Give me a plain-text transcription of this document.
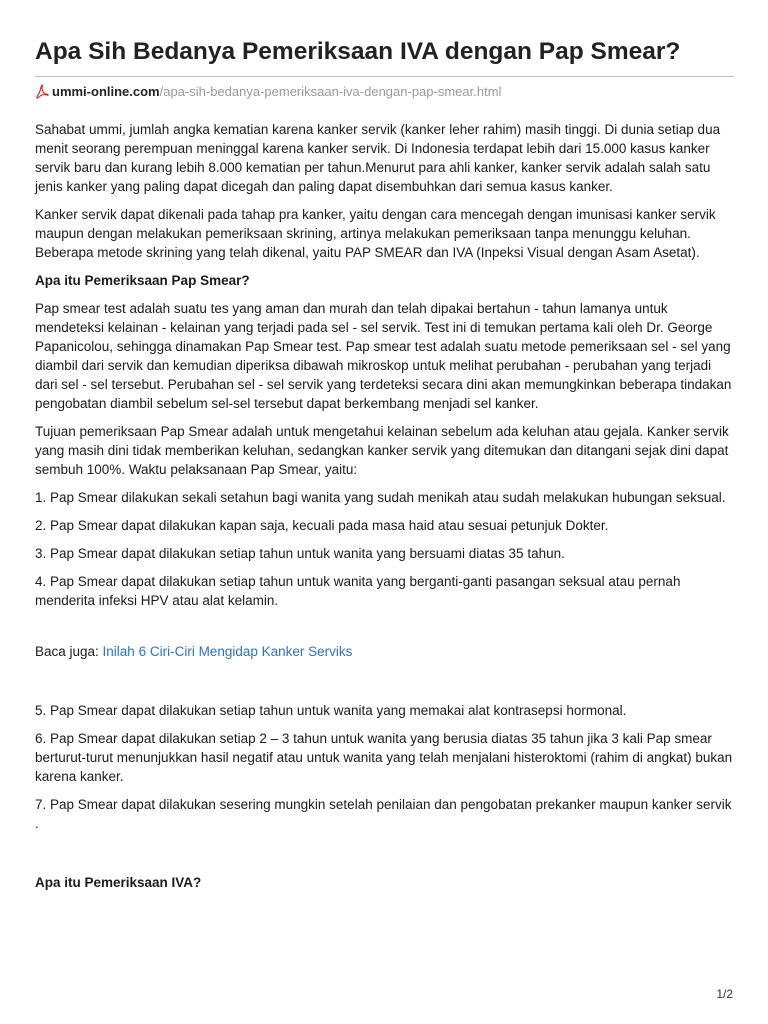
Apa Sih Bedanya Pemeriksaan IVA dengan Pap Smear?
ummi-online.com /apa-sih-bedanya-pemeriksaan-iva-dengan-pap-smear.html

Sahabat ummi, jumlah angka kematian karena kanker servik (kanker leher rahim) masih tinggi. Di dunia setiap dua menit seorang perempuan meninggal karena kanker servik. Di Indonesia terdapat lebih dari 15.000 kasus kanker servik baru dan kurang lebih 8.000 kematian per tahun.Menurut para ahli kanker, kanker servik adalah salah satu jenis kanker yang paling dapat dicegah dan paling dapat disembuhkan dari semua kasus kanker.

Kanker servik dapat dikenali pada tahap pra kanker, yaitu dengan cara mencegah dengan imunisasi kanker servik maupun dengan melakukan pemeriksaan skrining, artinya melakukan pemeriksaan tanpa menunggu keluhan. Beberapa metode skrining yang telah dikenal, yaitu PAP SMEAR dan IVA (Inpeksi Visual dengan Asam Asetat).

Apa itu Pemeriksaan Pap Smear?

Pap smear test adalah suatu tes yang aman dan murah dan telah dipakai bertahun - tahun lamanya untuk mendeteksi kelainan - kelainan yang terjadi pada sel - sel servik. Test ini di temukan pertama kali oleh Dr. George Papanicolou, sehingga dinamakan Pap Smear test. Pap smear test adalah suatu metode pemeriksaan sel - sel yang diambil dari servik dan kemudian diperiksa dibawah mikroskop untuk melihat perubahan - perubahan yang terjadi dari sel - sel tersebut. Perubahan sel - sel servik yang terdeteksi secara dini akan memungkinkan beberapa tindakan pengobatan diambil sebelum sel-sel tersebut dapat berkembang menjadi sel kanker.

Tujuan pemeriksaan Pap Smear adalah untuk mengetahui kelainan sebelum ada keluhan atau gejala. Kanker servik yang masih dini tidak memberikan keluhan, sedangkan kanker servik yang ditemukan dan ditangani sejak dini dapat sembuh 100%. Waktu pelaksanaan Pap Smear, yaitu:

1. Pap Smear dilakukan sekali setahun bagi wanita yang sudah menikah atau sudah melakukan hubungan seksual.

2. Pap Smear dapat dilakukan kapan saja, kecuali pada masa haid atau sesuai petunjuk Dokter.

3. Pap Smear dapat dilakukan setiap tahun untuk wanita yang bersuami diatas 35 tahun.

4. Pap Smear dapat dilakukan setiap tahun untuk wanita yang berganti-ganti pasangan seksual atau pernah menderita infeksi HPV atau alat kelamin.

Baca juga: Inilah 6 Ciri-Ciri Mengidap Kanker Serviks

5. Pap Smear dapat dilakukan setiap tahun untuk wanita yang memakai alat kontrasepsi hormonal.

6. Pap Smear dapat dilakukan setiap 2 – 3 tahun untuk wanita yang berusia diatas 35 tahun jika 3 kali Pap smear berturut-turut menunjukkan hasil negatif atau untuk wanita yang telah menjalani histeroktomi (rahim di angkat) bukan karena kanker.

7. Pap Smear dapat dilakukan sesering mungkin setelah penilaian dan pengobatan prekanker maupun kanker servik .

Apa itu Pemeriksaan IVA?

1/2
